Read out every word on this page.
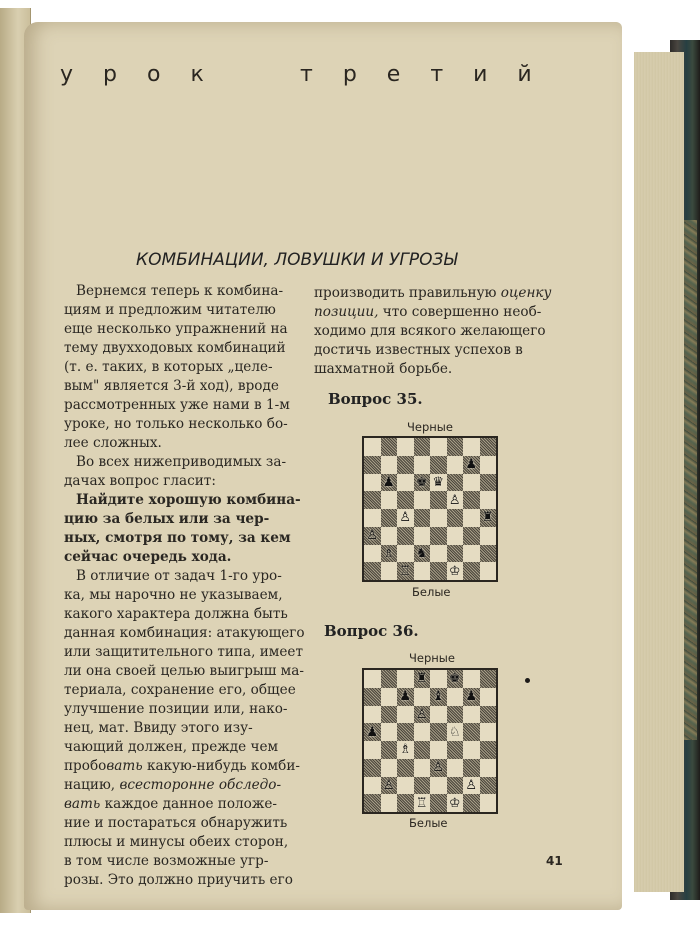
урок	третий
КОМБИНАЦИИ, ЛОВУШКИ И УГРОЗЫ
Вернемся теперь к комбина-
циям и предложим читателю
еще несколько упражнений на
тему двухходовых комбинаций
(т. е. таких, в которых „целе-
вым" является 3-й ход), вроде
рассмотренных уже нами в 1-м
уроке, но только несколько бо-
лее сложных.
Во всех нижеприводимых за-
дачах вопрос гласит:
Найдите хорошую комбина-
цию за белых или за чер-
ных, смотря по тому, за кем
сейчас очередь хода.
В отличие от задач 1-го уро-
ка, мы нарочно не указываем,
какого характера должна быть
данная комбинация: атакующего
или защитительного типа, имеет
ли она своей целью выигрыш ма-
териала, сохранение его, общее
улучшение позиции или, нако-
нец, мат. Ввиду этого изу-
чающий должен, прежде чем
пробовать какую-нибудь комби-
нацию, всесторонне обследо-
вать каждое данное положе-
ние и постараться обнаружить
плюсы и минусы обеих сторон,
в том числе возможные угр-
розы. Это должно приучить его
производить правильную оценку
позиции, что совершенно необ-
ходимо для всякого желающего
достичь известных успехов в
шахматной борьбе.
Вопрос 35.
Черные
♟
♟ ♚ ♛
♙
♙	♜
♙
♗ ♞
♖	♔
Белые
Вопрос 36.
Черные
♜ ♚
♟ ♝ ♟
♙
♟	♘
♗
♙
♙	♙
♖ ♔
Белые
41
